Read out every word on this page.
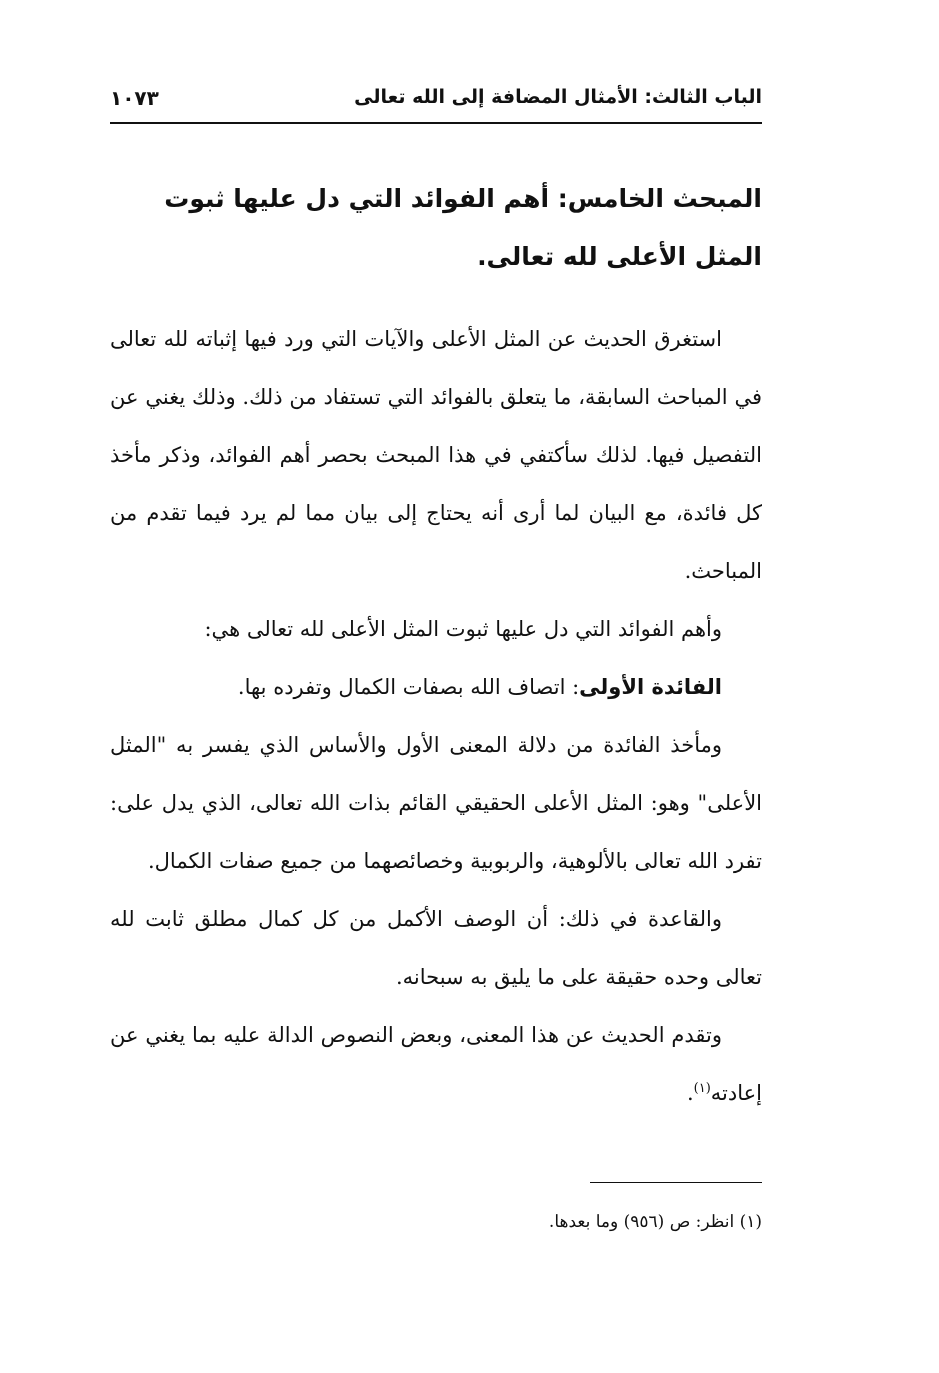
الباب الثالث: الأمثال المضافة إلى الله تعالى
١٠٧٣
المبحث الخامس: أهم الفوائد التي دل عليها ثبوت المثل الأعلى لله تعالى.

استغرق الحديث عن المثل الأعلى والآيات التي ورد فيها إثباته لله تعالى في المباحث السابقة، ما يتعلق بالفوائد التي تستفاد من ذلك. وذلك يغني عن التفصيل فيها. لذلك سأكتفي في هذا المبحث بحصر أهم الفوائد، وذكر مأخذ كل فائدة، مع البيان لما أرى أنه يحتاج إلى بيان مما لم يرد فيما تقدم من المباحث.

وأهم الفوائد التي دل عليها ثبوت المثل الأعلى لله تعالى هي:

الفائدة الأولى: اتصاف الله بصفات الكمال وتفرده بها.

ومأخذ الفائدة من دلالة المعنى الأول والأساس الذي يفسر به "المثل الأعلى" وهو: المثل الأعلى الحقيقي القائم بذات الله تعالى، الذي يدل على: تفرد الله تعالى بالألوهية، والربوبية وخصائصهما من جميع صفات الكمال.

والقاعدة في ذلك: أن الوصف الأكمل من كل كمال مطلق ثابت لله تعالى وحده حقيقة على ما يليق به سبحانه.

وتقدم الحديث عن هذا المعنى، وبعض النصوص الدالة عليه بما يغني عن إعادته$^{(١)}$.

(١) انظر: ص (٩٥٦) وما بعدها.
